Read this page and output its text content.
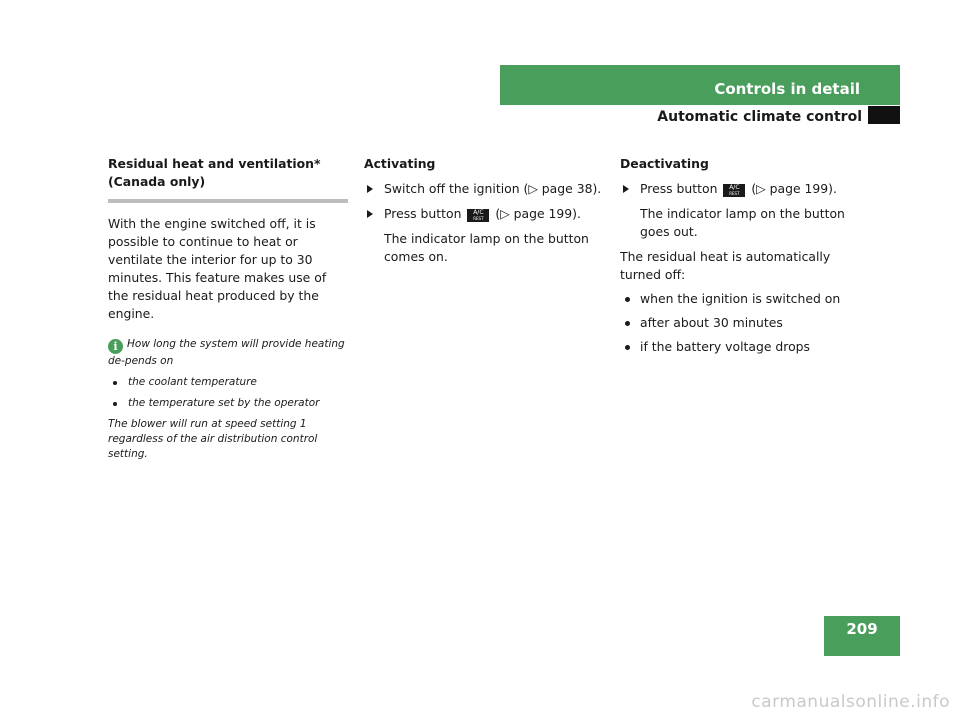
Controls in detail
Automatic climate control

Residual heat and ventilation*
(Canada only)

With the engine switched off, it is possible to continue to heat or ventilate the interior for up to 30 minutes. This feature makes use of the residual heat produced by the engine.

i How long the system will provide heating de-pends on
the coolant temperature
the temperature set by the operator
The blower will run at speed setting 1 regardless of the air distribution control setting.

Activating

Switch off the ignition (▷ page 38).
Press button A/C
REST (▷ page 199).
The indicator lamp on the button comes on.

Deactivating

Press button A/C
REST (▷ page 199).
The indicator lamp on the button goes out.

The residual heat is automatically turned off:

when the ignition is switched on
after about 30 minutes
if the battery voltage drops
209
carmanualsonline.info
